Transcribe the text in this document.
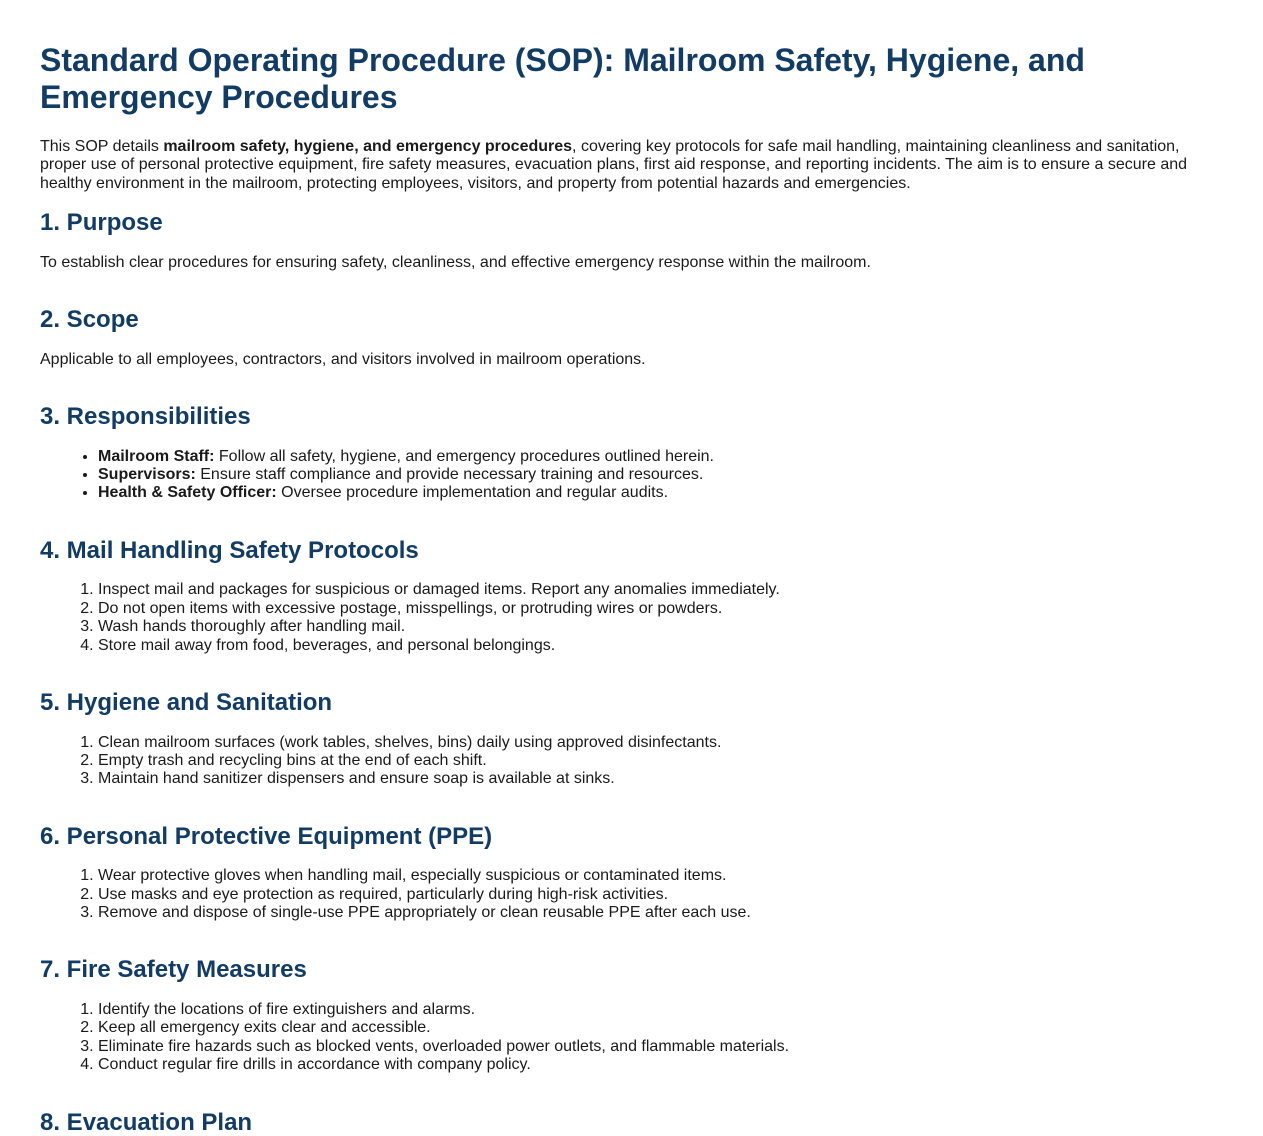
Standard Operating Procedure (SOP): Mailroom Safety, Hygiene, and Emergency Procedures

This SOP details mailroom safety, hygiene, and emergency procedures, covering key protocols for safe mail handling, maintaining cleanliness and sanitation, proper use of personal protective equipment, fire safety measures, evacuation plans, first aid response, and reporting incidents. The aim is to ensure a secure and healthy environment in the mailroom, protecting employees, visitors, and property from potential hazards and emergencies.

1. Purpose

To establish clear procedures for ensuring safety, cleanliness, and effective emergency response within the mailroom.

2. Scope

Applicable to all employees, contractors, and visitors involved in mailroom operations.

3. Responsibilities
• Mailroom Staff: Follow all safety, hygiene, and emergency procedures outlined herein.
• Supervisors: Ensure staff compliance and provide necessary training and resources.
• Health & Safety Officer: Oversee procedure implementation and regular audits.
4. Mail Handling Safety Protocols
1. Inspect mail and packages for suspicious or damaged items. Report any anomalies immediately.
2. Do not open items with excessive postage, misspellings, or protruding wires or powders.
3. Wash hands thoroughly after handling mail.
4. Store mail away from food, beverages, and personal belongings.
5. Hygiene and Sanitation
1. Clean mailroom surfaces (work tables, shelves, bins) daily using approved disinfectants.
2. Empty trash and recycling bins at the end of each shift.
3. Maintain hand sanitizer dispensers and ensure soap is available at sinks.
6. Personal Protective Equipment (PPE)
1. Wear protective gloves when handling mail, especially suspicious or contaminated items.
2. Use masks and eye protection as required, particularly during high-risk activities.
3. Remove and dispose of single-use PPE appropriately or clean reusable PPE after each use.
7. Fire Safety Measures
1. Identify the locations of fire extinguishers and alarms.
2. Keep all emergency exits clear and accessible.
3. Eliminate fire hazards such as blocked vents, overloaded power outlets, and flammable materials.
4. Conduct regular fire drills in accordance with company policy.
8. Evacuation Plan
